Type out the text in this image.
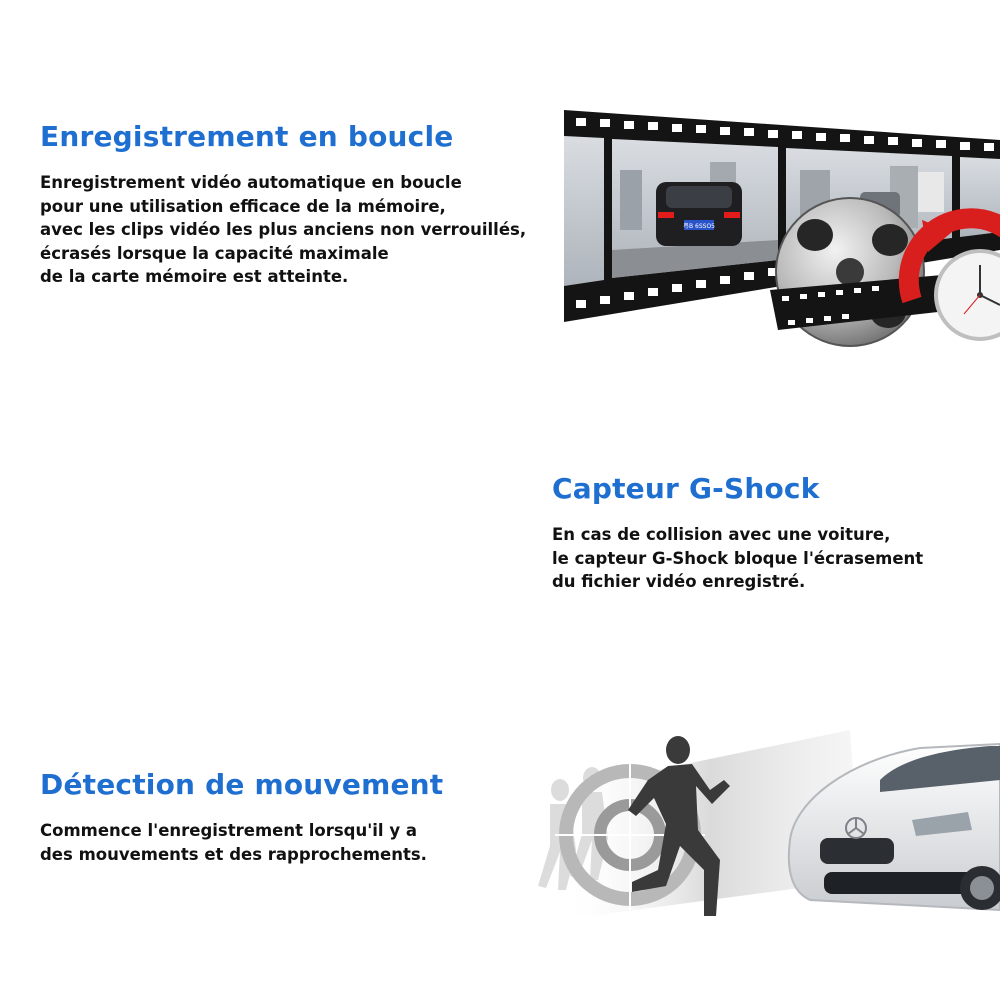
Enregistrement en boucle
Enregistrement vidéo automatique en boucle
pour une utilisation efficace de la mémoire,
avec les clips vidéo les plus anciens non verrouillés,
écrasés lorsque la capacité maximale
de la carte mémoire est atteinte.
粤B 6SSO5
Capteur G-Shock
En cas de collision avec une voiture,
le capteur G-Shock bloque l'écrasement
du fichier vidéo enregistré.
Détection de mouvement
Commence l'enregistrement lorsqu'il y a
des mouvements et des rapprochements.
